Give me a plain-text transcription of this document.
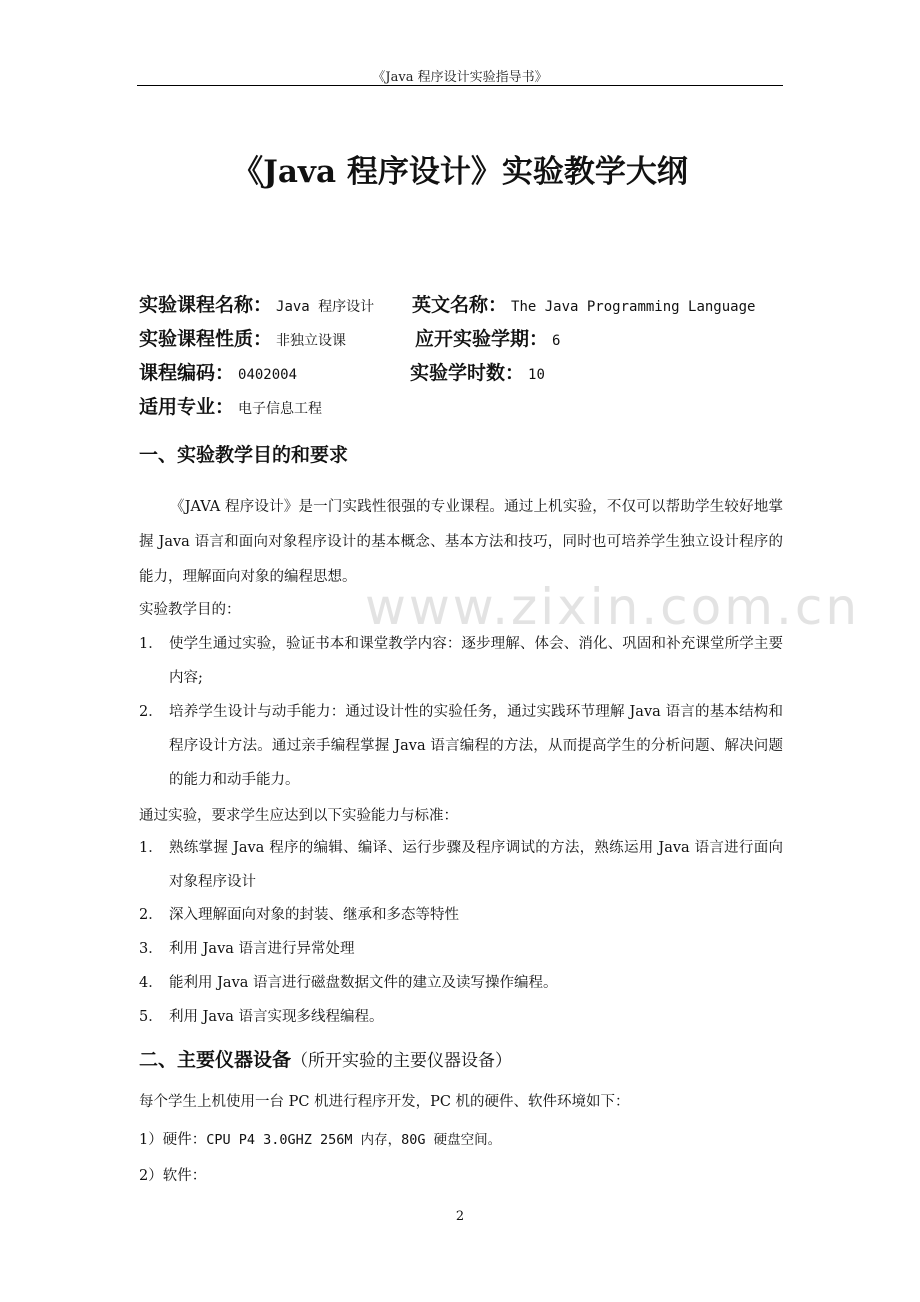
《Java 程序设计实验指导书》
《Java 程序设计》实验教学大纲
实验课程名称： Java 程序设计 英文名称： The Java Programming Language
实验课程性质： 非独立设课	应开实验学期： 6
课程编码： 0402004	实验学时数： 10
适用专业： 电子信息工程
一、实验教学目的和要求
《JAVA 程序设计》是一门实践性很强的专业课程。通过上机实验，不仅可以帮助学生较好地掌握 Java 语言和面向对象程序设计的基本概念、基本方法和技巧，同时也可培养学生独立设计程序的能力，理解面向对象的编程思想。
实验教学目的：
1． 使学生通过实验，验证书本和课堂教学内容：逐步理解、体会、消化、巩固和补充课堂所学主要内容;
2． 培养学生设计与动手能力：通过设计性的实验任务，通过实践环节理解 Java 语言的基本结构和程序设计方法。通过亲手编程掌握 Java 语言编程的方法，从而提高学生的分析问题、解决问题的能力和动手能力。
通过实验，要求学生应达到以下实验能力与标准：
1． 熟练掌握 Java 程序的编辑、编译、运行步骤及程序调试的方法，熟练运用 Java 语言进行面向对象程序设计
2． 深入理解面向对象的封装、继承和多态等特性
3． 利用 Java 语言进行异常处理
4． 能利用 Java 语言进行磁盘数据文件的建立及读写操作编程。
5． 利用 Java 语言实现多线程编程。
二、主要仪器设备（所开实验的主要仪器设备）
每个学生上机使用一台 PC 机进行程序开发，PC 机的硬件、软件环境如下：
1）硬件：CPU P4 3.0GHZ 256M 内存，80G 硬盘空间。
2）软件：
www.zixin.com.cn
2
